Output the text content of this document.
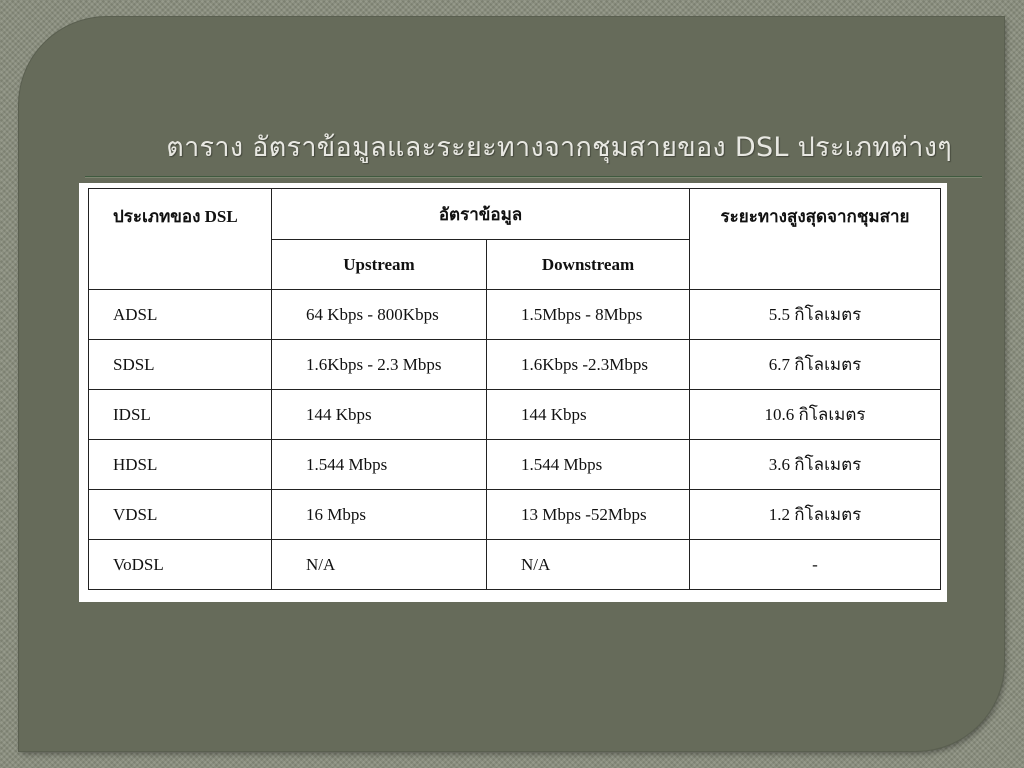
ตาราง อัตราข้อมูลและระยะทางจากชุมสายของ DSL ประเภทต่างๆ
ประเภทของ DSL	อัตราข้อมูล		ระยะทางสูงสุดจากชุมสาย
	Upstream	Downstream	
ADSL	64 Kbps - 800Kbps	1.5Mbps - 8Mbps	5.5 กิโลเมตร
SDSL	1.6Kbps - 2.3 Mbps	1.6Kbps -2.3Mbps	6.7 กิโลเมตร
IDSL	144 Kbps	144 Kbps	10.6 กิโลเมตร
HDSL	1.544 Mbps	1.544 Mbps	3.6 กิโลเมตร
VDSL	16 Mbps	13 Mbps -52Mbps	1.2 กิโลเมตร
VoDSL	N/A	N/A	-
